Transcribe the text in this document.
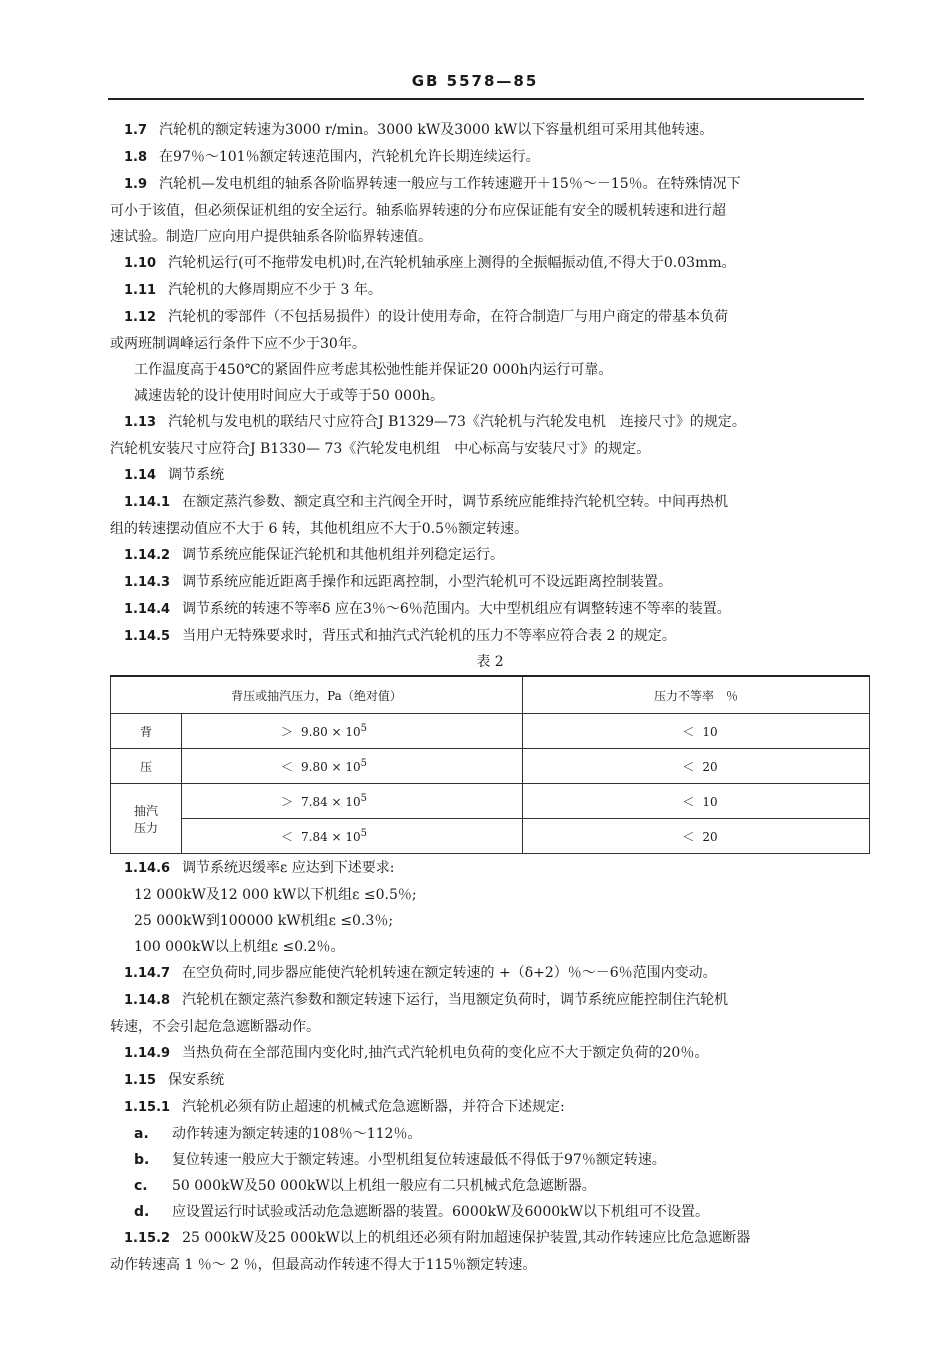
GB 5578—85
1.7 汽轮机的额定转速为3000 r/min。3000 kW及3000 kW以下容量机组可采用其他转速。
1.8 在97％～101％额定转速范围内，汽轮机允许长期连续运行。
1.9 汽轮机—发电机组的轴系各阶临界转速一般应与工作转速避开＋15％～－15％。在特殊情况下
可小于该值，但必须保证机组的安全运行。轴系临界转速的分布应保证能有安全的暖机转速和进行超
速试验。制造厂应向用户提供轴系各阶临界转速值。
1.10 汽轮机运行(可不拖带发电机)时,在汽轮机轴承座上测得的全振幅振动值,不得大于0.03mm。
1.11 汽轮机的大修周期应不少于 3 年。
1.12 汽轮机的零部件（不包括易损件）的设计使用寿命，在符合制造厂与用户商定的带基本负荷
或两班制调峰运行条件下应不少于30年。
工作温度高于450℃的紧固件应考虑其松弛性能并保证20 000h内运行可靠。
减速齿轮的设计使用时间应大于或等于50 000h。
1.13 汽轮机与发电机的联结尺寸应符合J B1329—73《汽轮机与汽轮发电机　连接尺寸》的规定。
汽轮机安装尺寸应符合J B1330— 73《汽轮发电机组　中心标高与安装尺寸》的规定。
1.14 调节系统
1.14.1 在额定蒸汽参数、额定真空和主汽阀全开时，调节系统应能维持汽轮机空转。中间再热机
组的转速摆动值应不大于 6 转，其他机组应不大于0.5％额定转速。
1.14.2 调节系统应能保证汽轮机和其他机组并列稳定运行。
1.14.3 调节系统应能近距离手操作和远距离控制，小型汽轮机可不设远距离控制装置。
1.14.4 调节系统的转速不等率δ 应在3％～6％范围内。大中型机组应有调整转速不等率的装置。
1.14.5 当用户无特殊要求时，背压式和抽汽式汽轮机的压力不等率应符合表 2 的规定。
表 2
背压或抽汽压力，Pa（绝对值）		压力不等率　％
背	＞ $9.80 \times 10^5$	＜ 10
压	＜ $9.80 \times 10^5$	＜ 20
抽汽
压力	＞ $7.84 \times 10^5$	＜ 10
	＜ $7.84 \times 10^5$	＜ 20
1.14.6 调节系统迟缓率ε 应达到下述要求:
12 000kW及12 000 kW以下机组ε ≤0.5％;
25 000kW到100000 kW机组ε ≤0.3％;
100 000kW以上机组ε ≤0.2％。
1.14.7 在空负荷时,同步器应能使汽轮机转速在额定转速的 +（δ+2）％～－6％范围内变动。
1.14.8 汽轮机在额定蒸汽参数和额定转速下运行，当甩额定负荷时，调节系统应能控制住汽轮机
转速，不会引起危急遮断器动作。
1.14.9 当热负荷在全部范围内变化时,抽汽式汽轮机电负荷的变化应不大于额定负荷的20％。
1.15 保安系统
1.15.1 汽轮机必须有防止超速的机械式危急遮断器，并符合下述规定:
a. 动作转速为额定转速的108％～112％。
b. 复位转速一般应大于额定转速。小型机组复位转速最低不得低于97％额定转速。
c. 50 000kW及50 000kW以上机组一般应有二只机械式危急遮断器。
d. 应设置运行时试验或活动危急遮断器的装置。6000kW及6000kW以下机组可不设置。
1.15.2 25 000kW及25 000kW以上的机组还必须有附加超速保护装置,其动作转速应比危急遮断器
动作转速高 1 ％～ 2 ％，但最高动作转速不得大于115％额定转速。
